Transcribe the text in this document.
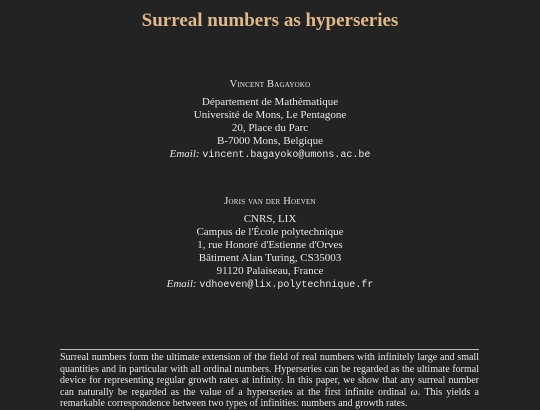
Surreal numbers as hyperseries
Vincent Bagayoko
Département de Mathématique
Université de Mons, Le Pentagone
20, Place du Parc
B-7000 Mons, Belgique
Email: vincent.bagayoko@umons.ac.be
Joris van der Hoeven
CNRS, LIX
Campus de l'École polytechnique
1, rue Honoré d'Estienne d'Orves
Bâtiment Alan Turing, CS35003
91120 Palaiseau, France
Email: vdhoeven@lix.polytechnique.fr
Surreal numbers form the ultimate extension of the field of real numbers with infinitely large and small quantities and in particular with all ordinal numbers. Hyperseries can be regarded as the ultimate formal device for representing regular growth rates at infinity. In this paper, we show that any surreal number can naturally be regarded as the value of a hyperseries at the first infinite ordinal ω. This yields a remarkable correspondence between two types of infinities: numbers and growth rates.
